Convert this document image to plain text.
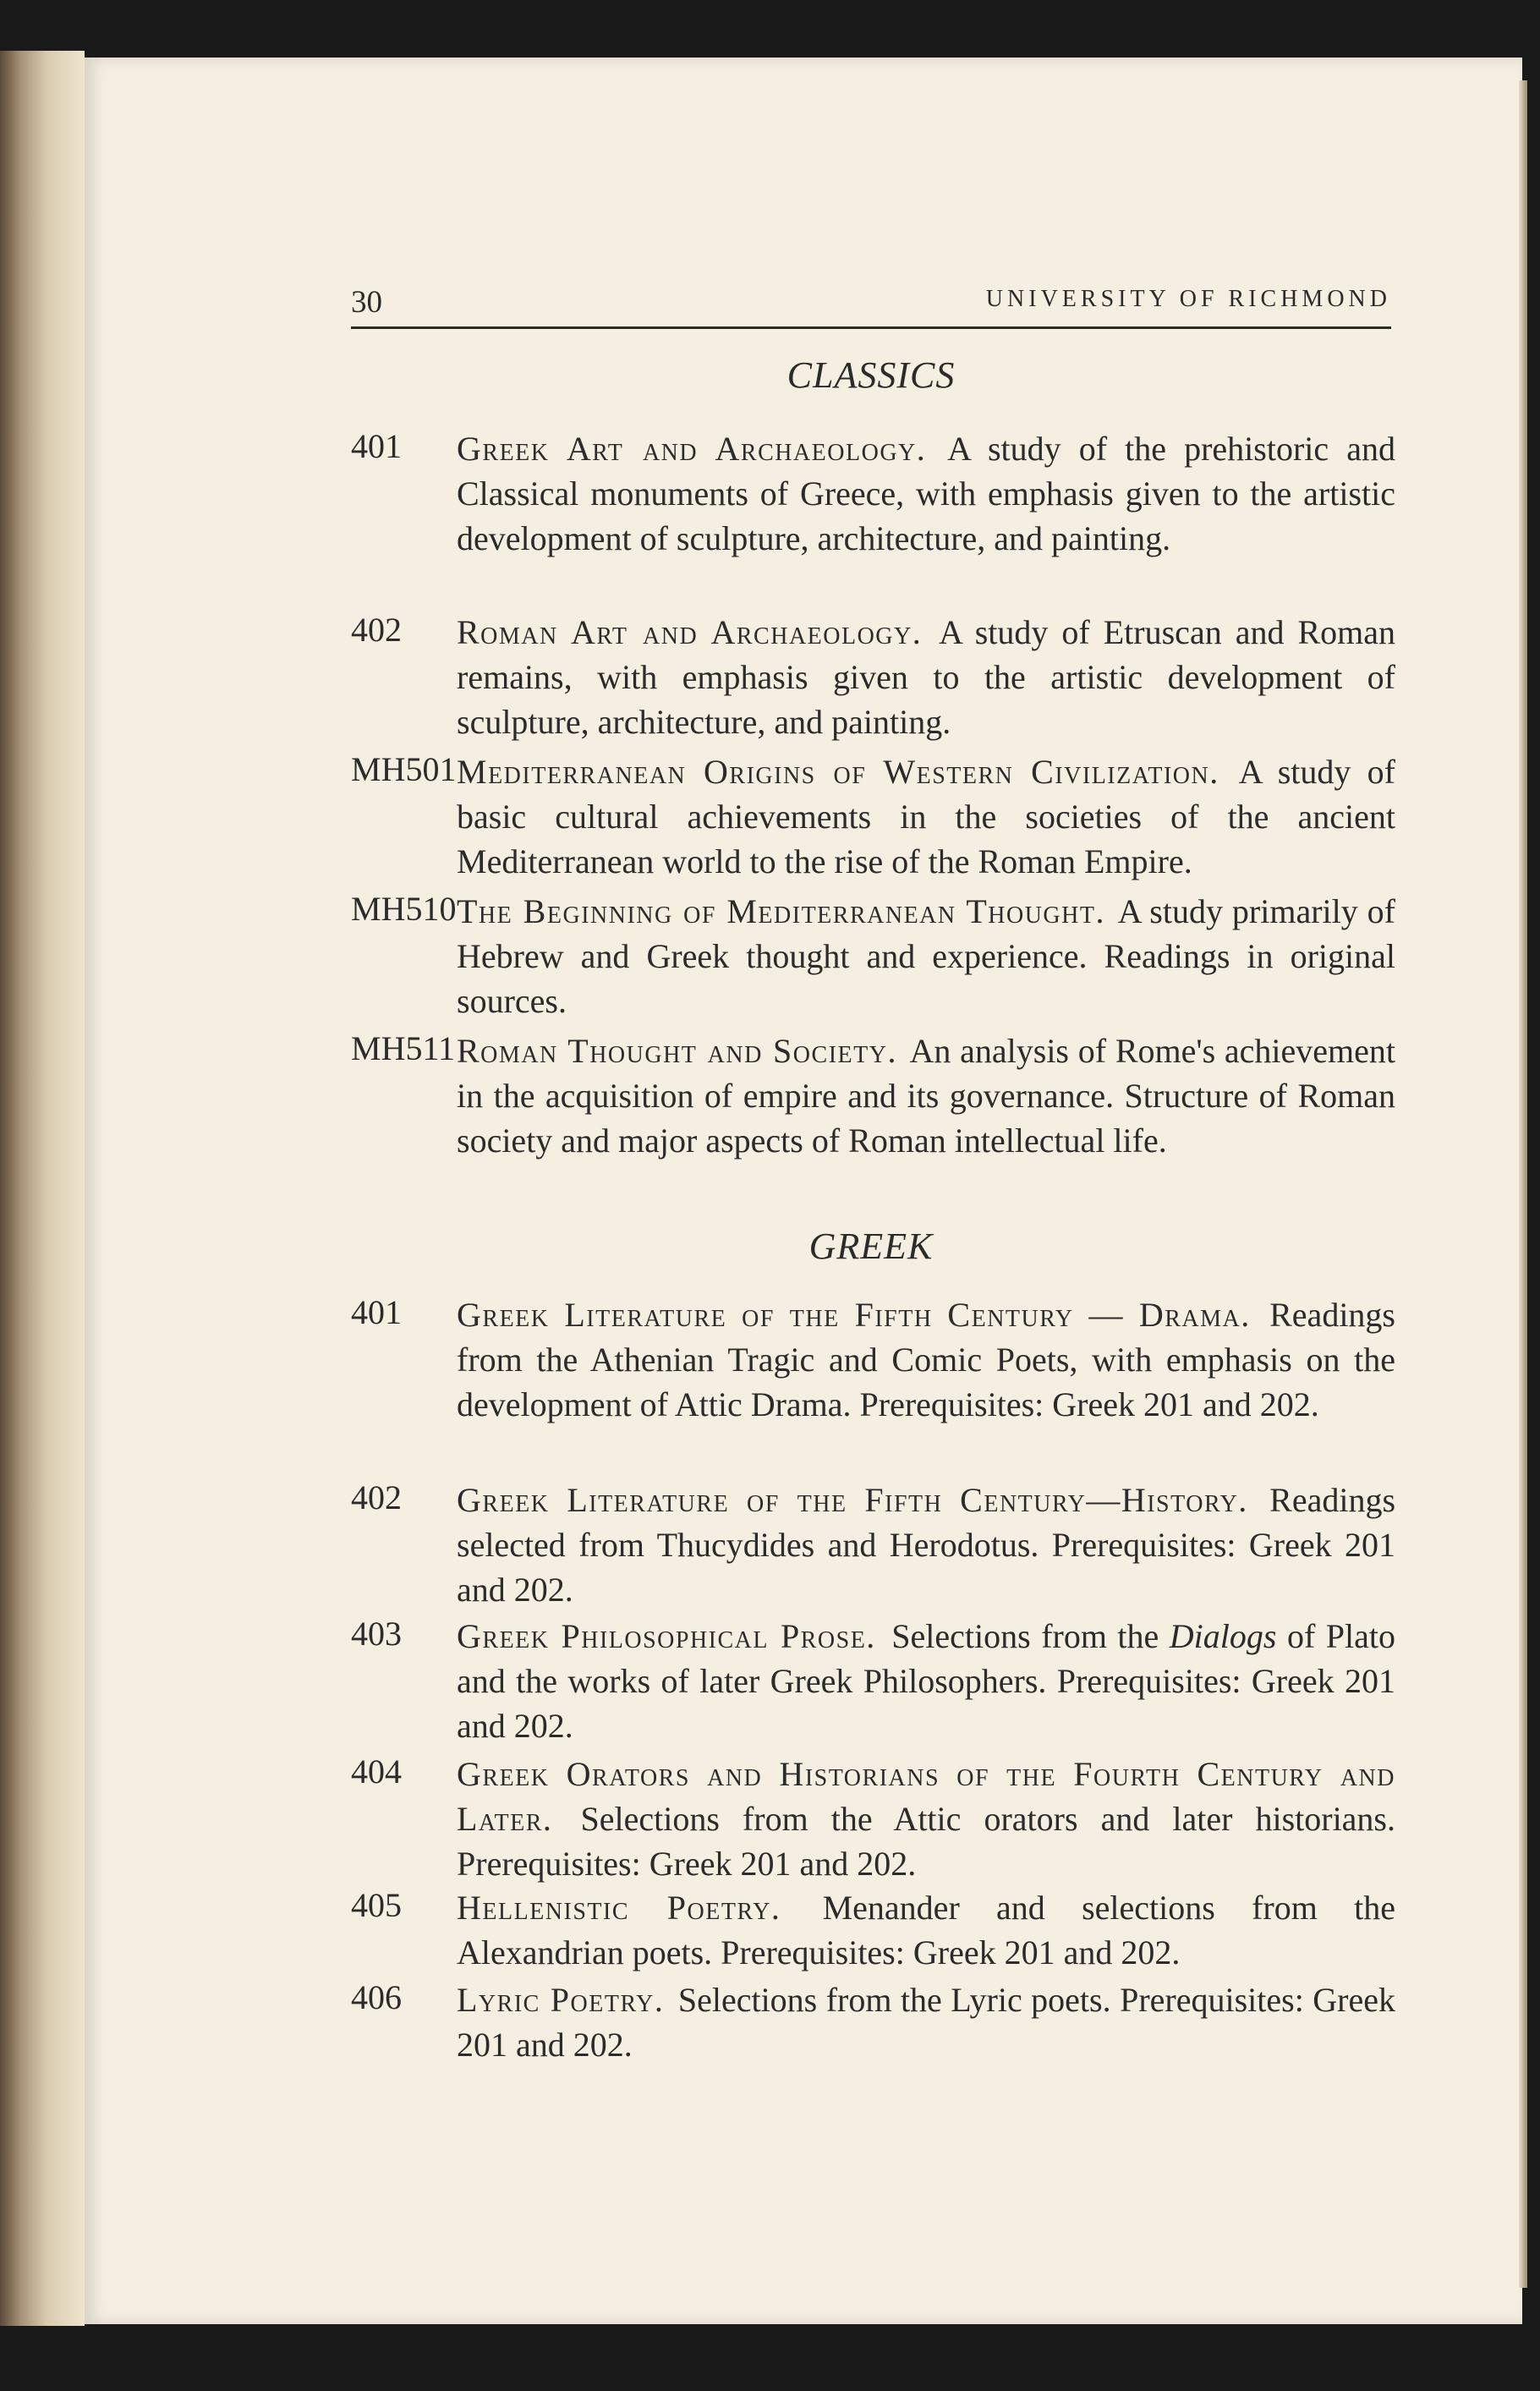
30	UNIVERSITY OF RICHMOND
CLASSICS
401 Greek Art and Archaeology. A study of the prehistoric and Classical monuments of Greece, with emphasis given to the artistic development of sculpture, architecture, and painting.
402 Roman Art and Archaeology. A study of Etruscan and Roman remains, with emphasis given to the artistic development of sculpture, architecture, and painting.
MH501 Mediterranean Origins of Western Civilization. A study of basic cultural achievements in the societies of the ancient Mediterranean world to the rise of the Roman Empire.
MH510 The Beginning of Mediterranean Thought. A study primarily of Hebrew and Greek thought and experience. Readings in original sources.
MH511 Roman Thought and Society. An analysis of Rome's achievement in the acquisition of empire and its governance. Structure of Roman society and major aspects of Roman intellectual life.
GREEK
401 Greek Literature of the Fifth Century — Drama. Readings from the Athenian Tragic and Comic Poets, with emphasis on the development of Attic Drama. Prerequisites: Greek 201 and 202.
402 Greek Literature of the Fifth Century—History. Readings selected from Thucydides and Herodotus. Prerequisites: Greek 201 and 202.
403 Greek Philosophical Prose. Selections from the Dialogs of Plato and the works of later Greek Philosophers. Prerequisites: Greek 201 and 202.
404 Greek Orators and Historians of the Fourth Century and Later. Selections from the Attic orators and later historians. Prerequisites: Greek 201 and 202.
405 Hellenistic Poetry. Menander and selections from the Alexandrian poets. Prerequisites: Greek 201 and 202.
406 Lyric Poetry. Selections from the Lyric poets. Prerequisites: Greek 201 and 202.
